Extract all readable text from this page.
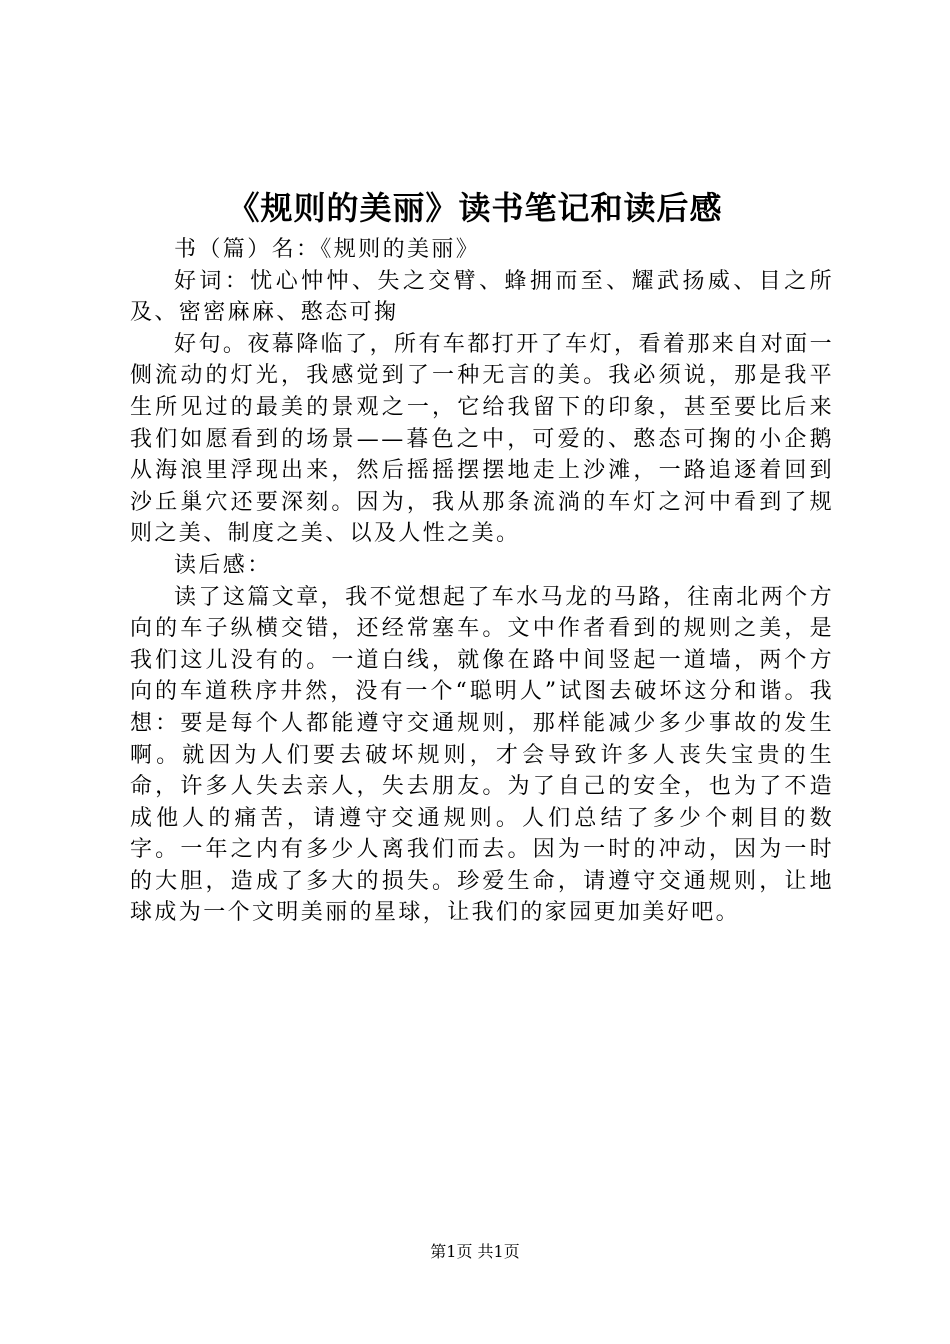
《规则的美丽》读书笔记和读后感

书（篇）名：《规则的美丽》

好词：忧心忡忡、失之交臂、蜂拥而至、耀武扬威、目之所及、密密麻麻、憨态可掬

好句。夜幕降临了，所有车都打开了车灯，看着那来自对面一侧流动的灯光，我感觉到了一种无言的美。我必须说，那是我平生所见过的最美的景观之一，它给我留下的印象，甚至要比后来我们如愿看到的场景——暮色之中，可爱的、憨态可掬的小企鹅从海浪里浮现出来，然后摇摇摆摆地走上沙滩，一路追逐着回到沙丘巢穴还要深刻。因为，我从那条流淌的车灯之河中看到了规则之美、制度之美、以及人性之美。

读后感：

读了这篇文章，我不觉想起了车水马龙的马路，往南北两个方向的车子纵横交错，还经常塞车。文中作者看到的规则之美，是我们这儿没有的。一道白线，就像在路中间竖起一道墙，两个方向的车道秩序井然，没有一个“聪明人”试图去破坏这分和谐。我想：要是每个人都能遵守交通规则，那样能减少多少事故的发生啊。就因为人们要去破坏规则，才会导致许多人丧失宝贵的生命，许多人失去亲人，失去朋友。为了自己的安全，也为了不造成他人的痛苦，请遵守交通规则。人们总结了多少个刺目的数字。一年之内有多少人离我们而去。因为一时的冲动，因为一时的大胆，造成了多大的损失。珍爱生命，请遵守交通规则，让地球成为一个文明美丽的星球，让我们的家园更加美好吧。

第1页 共1页
